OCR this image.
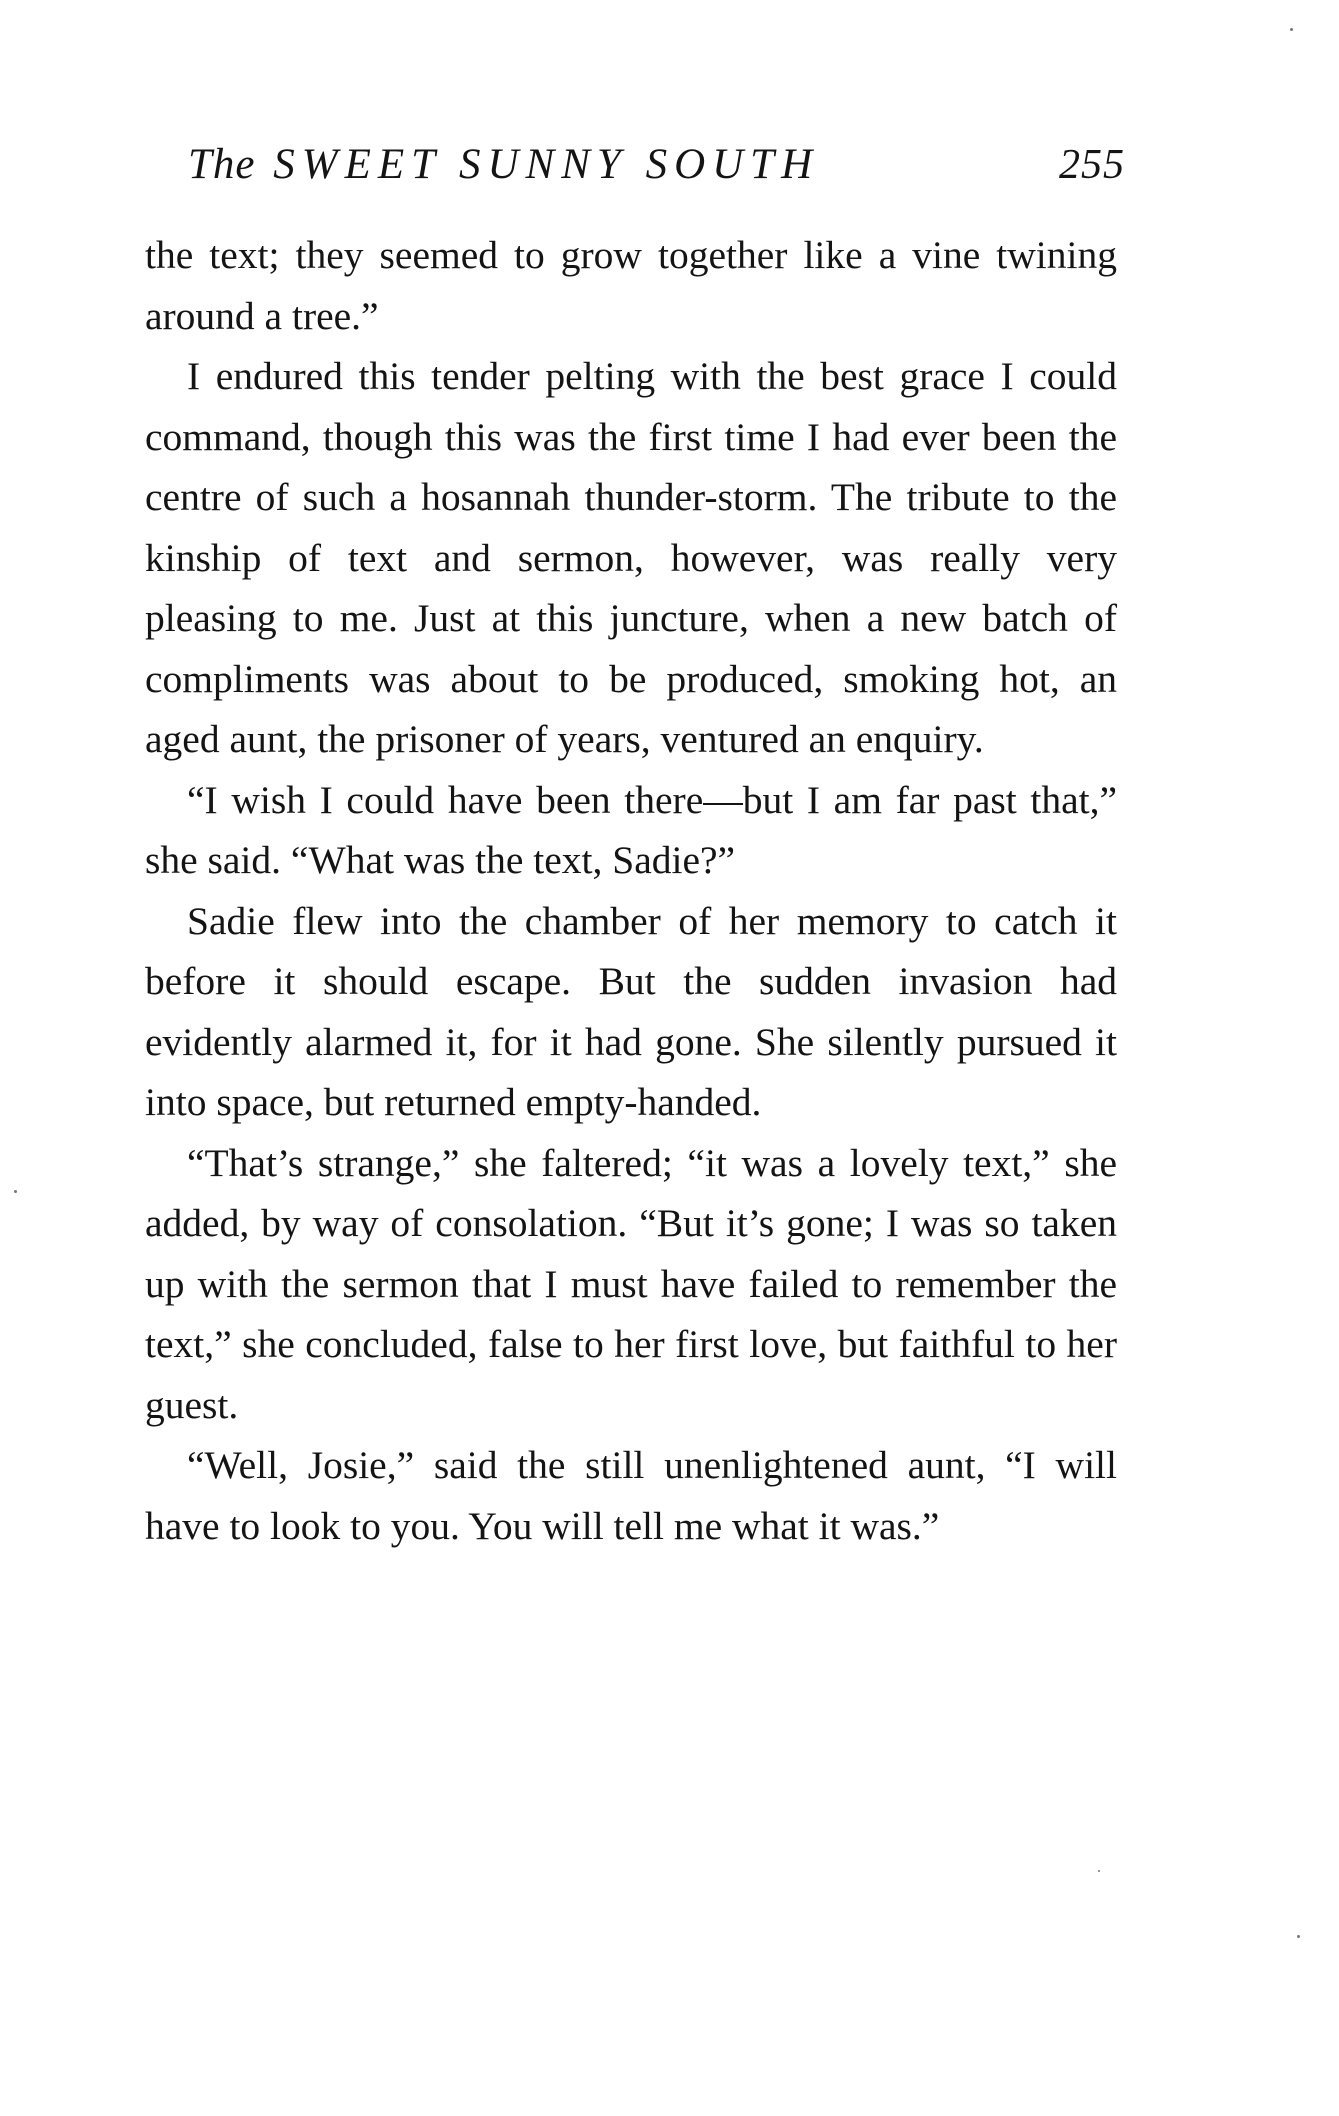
The SWEET SUNNY SOUTH	255

the text; they seemed to grow together like a vine twining around a tree.”

I endured this tender pelting with the best grace I could command, though this was the first time I had ever been the centre of such a hosannah thunder-storm. The tribute to the kinship of text and sermon, however, was really very pleasing to me. Just at this juncture, when a new batch of compliments was about to be produced, smoking hot, an aged aunt, the prisoner of years, ventured an enquiry.

“I wish I could have been there—but I am far past that,” she said. “What was the text, Sadie?”

Sadie flew into the chamber of her memory to catch it before it should escape. But the sudden invasion had evidently alarmed it, for it had gone. She silently pursued it into space, but returned empty-handed.

“That’s strange,” she faltered; “it was a lovely text,” she added, by way of consolation. “But it’s gone; I was so taken up with the sermon that I must have failed to remember the text,” she concluded, false to her first love, but faithful to her guest.

“Well, Josie,” said the still unenlightened aunt, “I will have to look to you. You will tell me what it was.”
